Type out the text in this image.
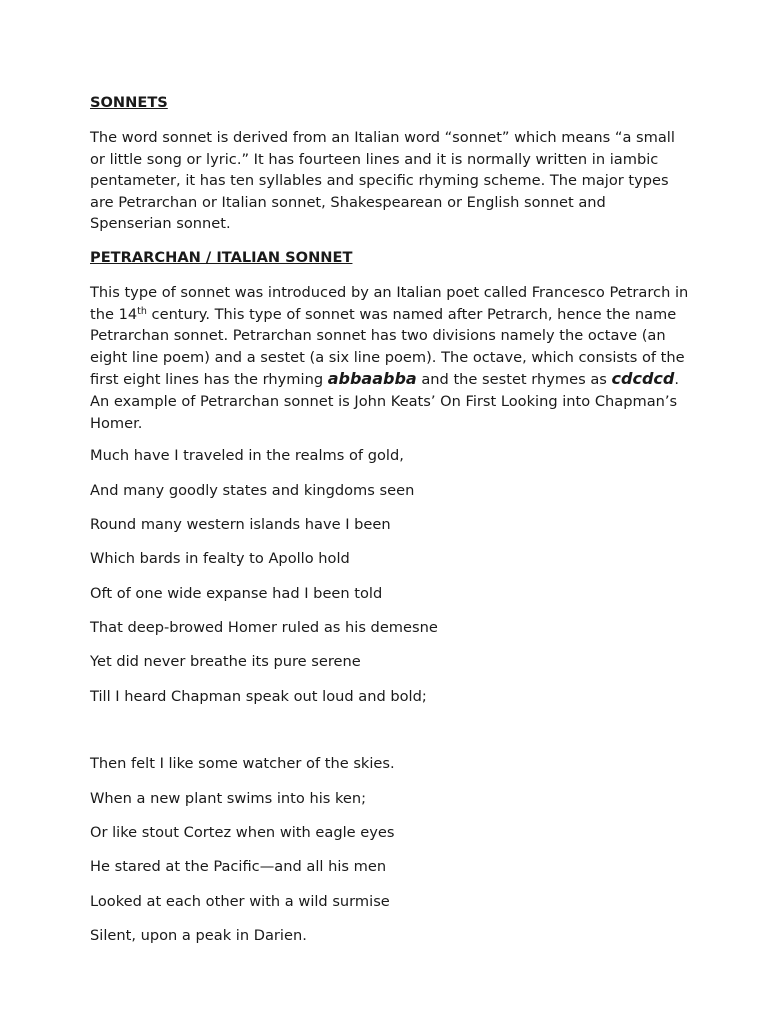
SONNETS

The word sonnet is derived from an Italian word “sonnet” which means “a small or little song or lyric.” It has fourteen lines and it is normally written in iambic pentameter, it has ten syllables and specific rhyming scheme. The major types are Petrarchan or Italian sonnet, Shakespearean or English sonnet and Spenserian sonnet.

PETRARCHAN / ITALIAN SONNET

This type of sonnet was introduced by an Italian poet called Francesco Petrarch in the 14th century. This type of sonnet was named after Petrarch, hence the name Petrarchan sonnet. Petrarchan sonnet has two divisions namely the octave (an eight line poem) and a sestet (a six line poem). The octave, which consists of the first eight lines has the rhyming abbaabba and the sestet rhymes as cdcdcd. An example of Petrarchan sonnet is John Keats’ On First Looking into Chapman’s Homer.

Much have I traveled in the realms of gold,
And many goodly states and kingdoms seen
Round many western islands have I been
Which bards in fealty to Apollo hold
Oft of one wide expanse had I been told
That deep-browed Homer ruled as his demesne
Yet did never breathe its pure serene
Till I heard Chapman speak out loud and bold;
Then felt I like some watcher of the skies.
When a new plant swims into his ken;
Or like stout Cortez when with eagle eyes
He stared at the Pacific—and all his men
Looked at each other with a wild surmise
Silent, upon a peak in Darien.
